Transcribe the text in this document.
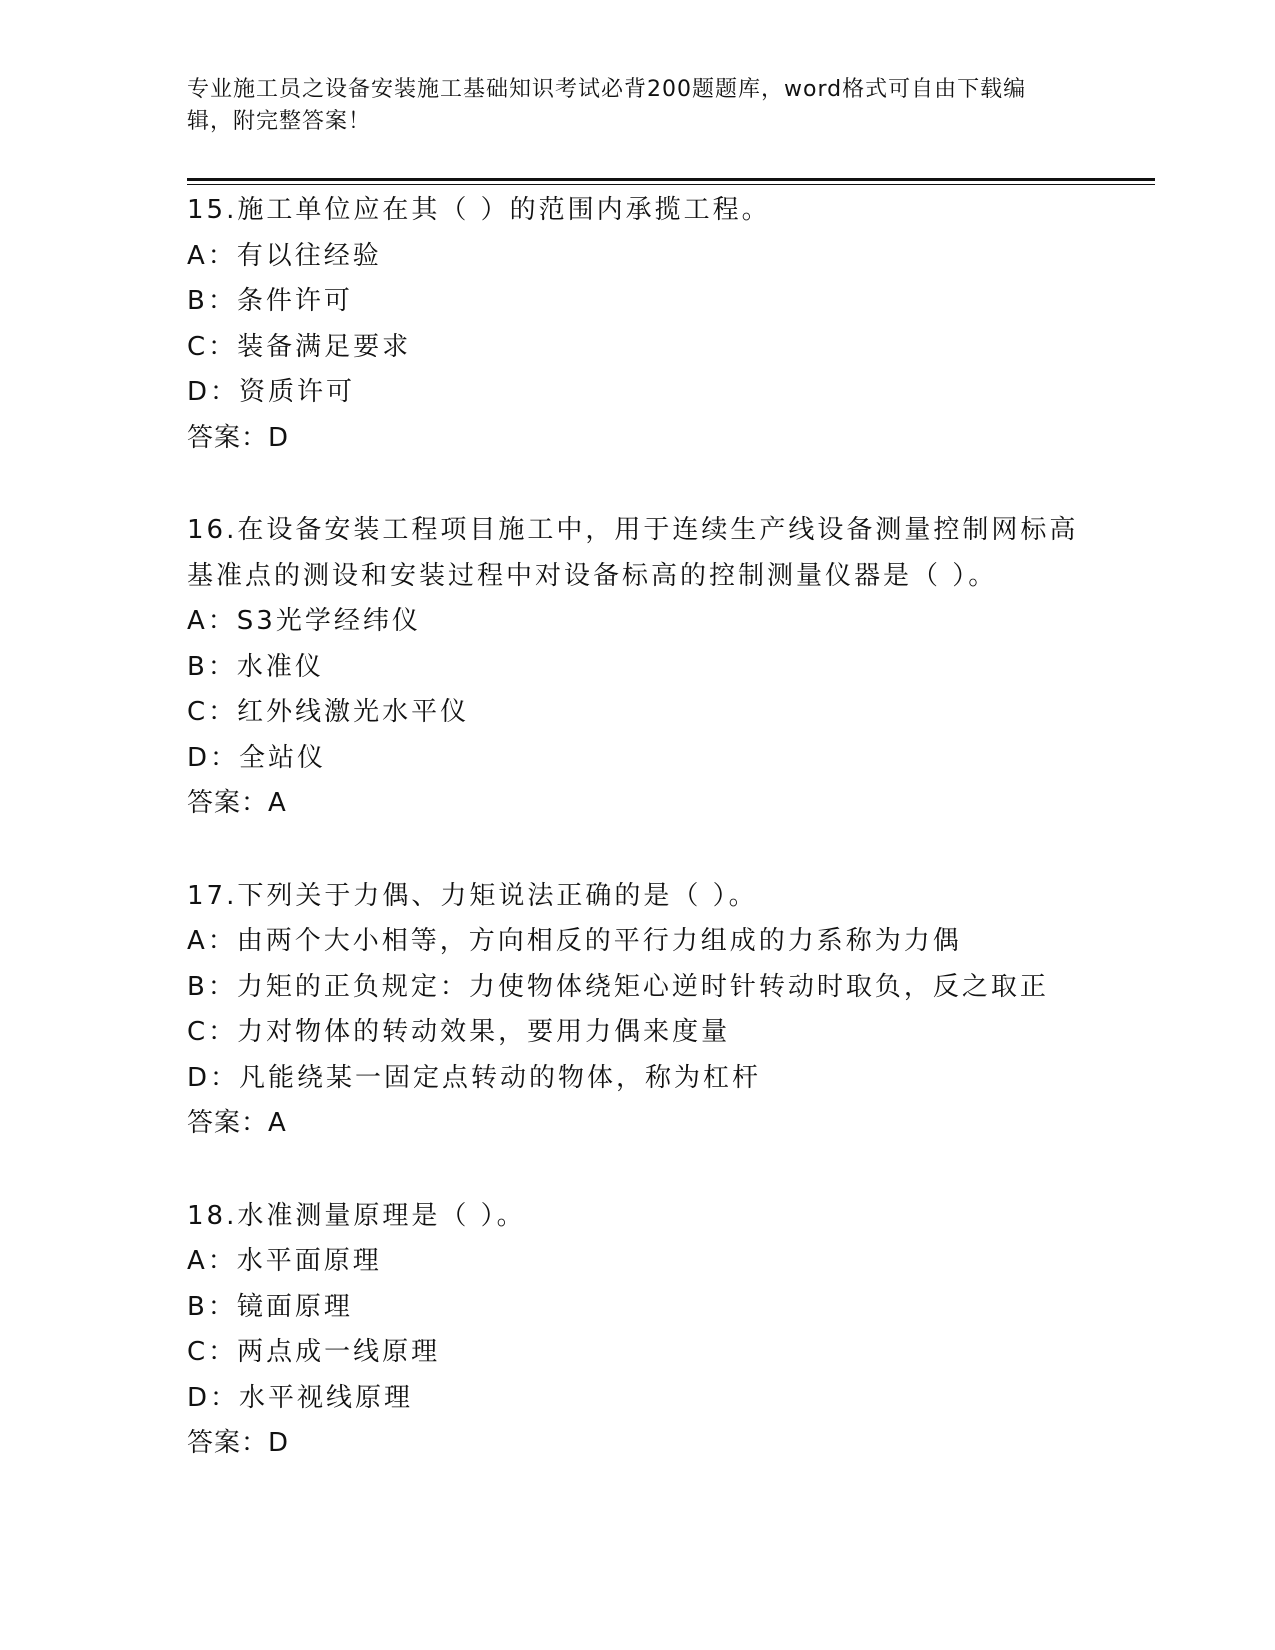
专业施工员之设备安装施工基础知识考试必背200题题库，word格式可自由下载编辑，附完整答案！
15.施工单位应在其（ ）的范围内承揽工程。
A：有以往经验
B：条件许可
C：装备满足要求
D：资质许可
答案：D
16.在设备安装工程项目施工中，用于连续生产线设备测量控制网标高
基准点的测设和安装过程中对设备标高的控制测量仪器是（ ）。
A：S3光学经纬仪
B：水准仪
C：红外线激光水平仪
D：全站仪
答案：A
17.下列关于力偶、力矩说法正确的是（ ）。
A：由两个大小相等，方向相反的平行力组成的力系称为力偶
B：力矩的正负规定：力使物体绕矩心逆时针转动时取负，反之取正
C：力对物体的转动效果，要用力偶来度量
D：凡能绕某一固定点转动的物体，称为杠杆
答案：A
18.水准测量原理是（ ）。
A：水平面原理
B：镜面原理
C：两点成一线原理
D：水平视线原理
答案：D
